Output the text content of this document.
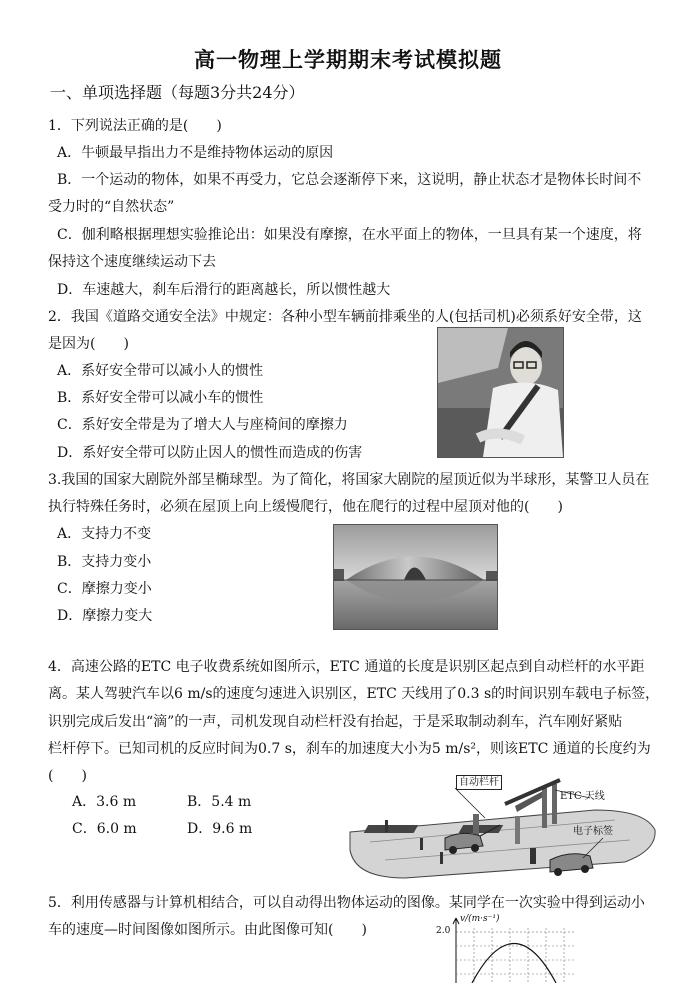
高一物理上学期期末考试模拟题
一、单项选择题（每题3分共24分）
1．下列说法正确的是(　　)
A．牛顿最早指出力不是维持物体运动的原因
B．一个运动的物体，如果不再受力，它总会逐渐停下来，这说明，静止状态才是物体长时间不
受力时的“自然状态”
C．伽利略根据理想实验推论出：如果没有摩擦，在水平面上的物体，一旦具有某一个速度，将
保持这个速度继续运动下去
D．车速越大，刹车后滑行的距离越长，所以惯性越大
2．我国《道路交通安全法》中规定：各种小型车辆前排乘坐的人(包括司机)必须系好安全带，这
是因为(　　)
A．系好安全带可以减小人的惯性
B．系好安全带可以减小车的惯性
C．系好安全带是为了增大人与座椅间的摩擦力
D．系好安全带可以防止因人的惯性而造成的伤害
3.我国的国家大剧院外部呈椭球型。为了简化，将国家大剧院的屋顶近似为半球形，某警卫人员在
执行特殊任务时，必须在屋顶上向上缓慢爬行，他在爬行的过程中屋顶对他的(　　)
A．支持力不变
B．支持力变小
C．摩擦力变小
D．摩擦力变大
4．高速公路的ETC 电子收费系统如图所示，ETC 通道的长度是识别区起点到自动栏杆的水平距
离。某人驾驶汽车以6 m/s的速度匀速进入识别区，ETC 天线用了0.3 s的时间识别车载电子标签，
识别完成后发出“滴”的一声，司机发现自动栏杆没有抬起，于是采取制动刹车，汽车刚好紧贴
栏杆停下。已知司机的反应时间为0.7 s，刹车的加速度大小为5 m/s²，则该ETC 通道的长度约为
(　　)
A．3.6 m	B．5.4 m
C．6.0 m	D．9.6 m
自动栏杆
ETC 天线
电子标签
5．利用传感器与计算机相结合，可以自动得出物体运动的图像。某同学在一次实验中得到运动小
车的速度—时间图像如图所示。由此图像可知(　　)
v/(m·s⁻¹)
2.0
